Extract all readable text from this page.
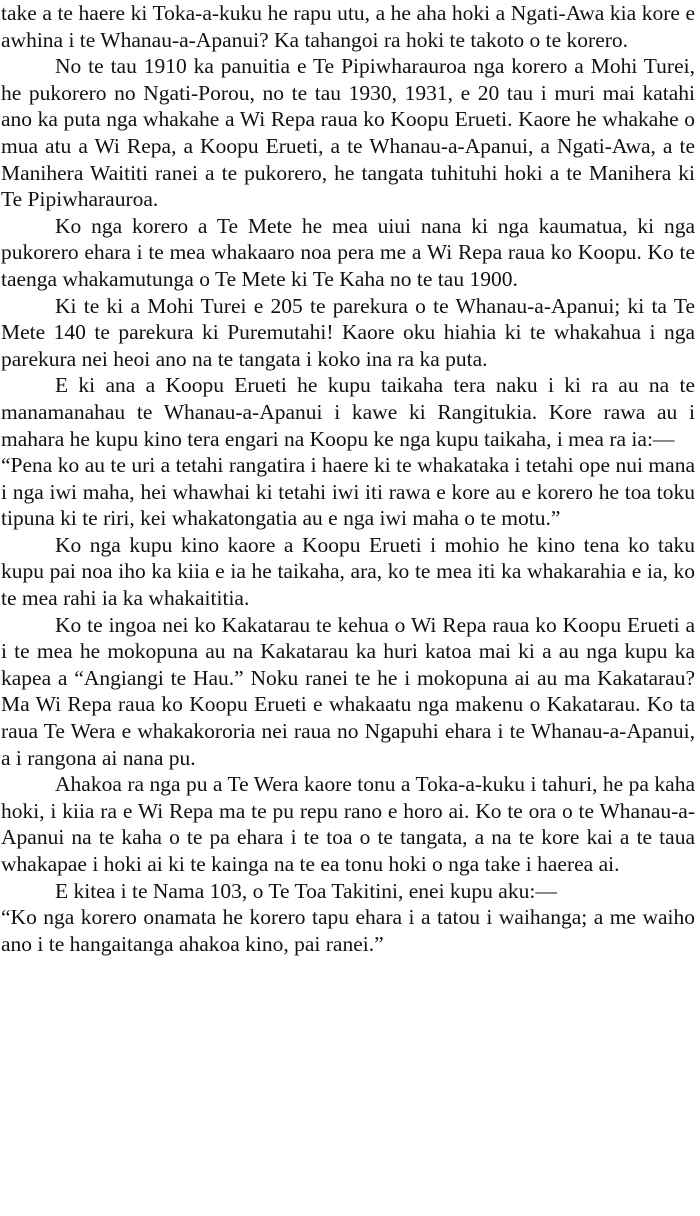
take a te haere ki Toka-a-kuku he rapu utu, a he aha hoki a Ngati-Awa kia kore e awhina i te Whanau-a-Apanui? Ka tahangoi ra hoki te takoto o te korero.

No te tau 1910 ka panuitia e Te Pipiwharauroa nga korero a Mohi Turei, he pukorero no Ngati-Porou, no te tau 1930, 1931, e 20 tau i muri mai katahi ano ka puta nga whakahe a Wi Repa raua ko Koopu Erueti. Kaore he whakahe o mua atu a Wi Repa, a Koopu Erueti, a te Whanau-a-Apanui, a Ngati-Awa, a te Manihera Waititi ranei a te pukorero, he tangata tuhituhi hoki a te Manihera ki Te Pipiwharauroa.

Ko nga korero a Te Mete he mea uiui nana ki nga kaumatua, ki nga pukorero ehara i te mea whakaaro noa pera me a Wi Repa raua ko Koopu. Ko te taenga whakamutunga o Te Mete ki Te Kaha no te tau 1900.

Ki te ki a Mohi Turei e 205 te parekura o te Whanau-a-Apanui; ki ta Te Mete 140 te parekura ki Puremutahi! Kaore oku hiahia ki te whakahua i nga parekura nei heoi ano na te tangata i koko ina ra ka puta.

E ki ana a Koopu Erueti he kupu taikaha tera naku i ki ra au na te manamanahau te Whanau-a-Apanui i kawe ki Rangitukia. Kore rawa au i mahara he kupu kino tera engari na Koopu ke nga kupu taikaha, i mea ra ia:—

“Pena ko au te uri a tetahi rangatira i haere ki te whakataka i tetahi ope nui mana i nga iwi maha, hei whawhai ki tetahi iwi iti rawa e kore au e korero he toa toku tipuna ki te riri, kei whakatongatia au e nga iwi maha o te motu.”

Ko nga kupu kino kaore a Koopu Erueti i mohio he kino tena ko taku kupu pai noa iho ka kiia e ia he taikaha, ara, ko te mea iti ka whakarahia e ia, ko te mea rahi ia ka whakaititia.

Ko te ingoa nei ko Kakatarau te kehua o Wi Repa raua ko Koopu Erueti a i te mea he mokopuna au na Kakatarau ka huri katoa mai ki a au nga kupu ka kapea a “Angiangi te Hau.” Noku ranei te he i mokopuna ai au ma Kakatarau? Ma Wi Repa raua ko Koopu Erueti e whakaatu nga makenu o Kakatarau. Ko ta raua Te Wera e whakakororia nei raua no Ngapuhi ehara i te Whanau-a-Apanui, a i rangona ai nana pu.

Ahakoa ra nga pu a Te Wera kaore tonu a Toka-a-kuku i tahuri, he pa kaha hoki, i kiia ra e Wi Repa ma te pu repu rano e horo ai. Ko te ora o te Whanau-a-Apanui na te kaha o te pa ehara i te toa o te tangata, a na te kore kai a te taua whakapae i hoki ai ki te kainga na te ea tonu hoki o nga take i haerea ai.

E kitea i te Nama 103, o Te Toa Takitini, enei kupu aku:—

“Ko nga korero onamata he korero tapu ehara i a tatou i waihanga; a me waiho ano i te hangaitanga ahakoa kino, pai ranei.”
